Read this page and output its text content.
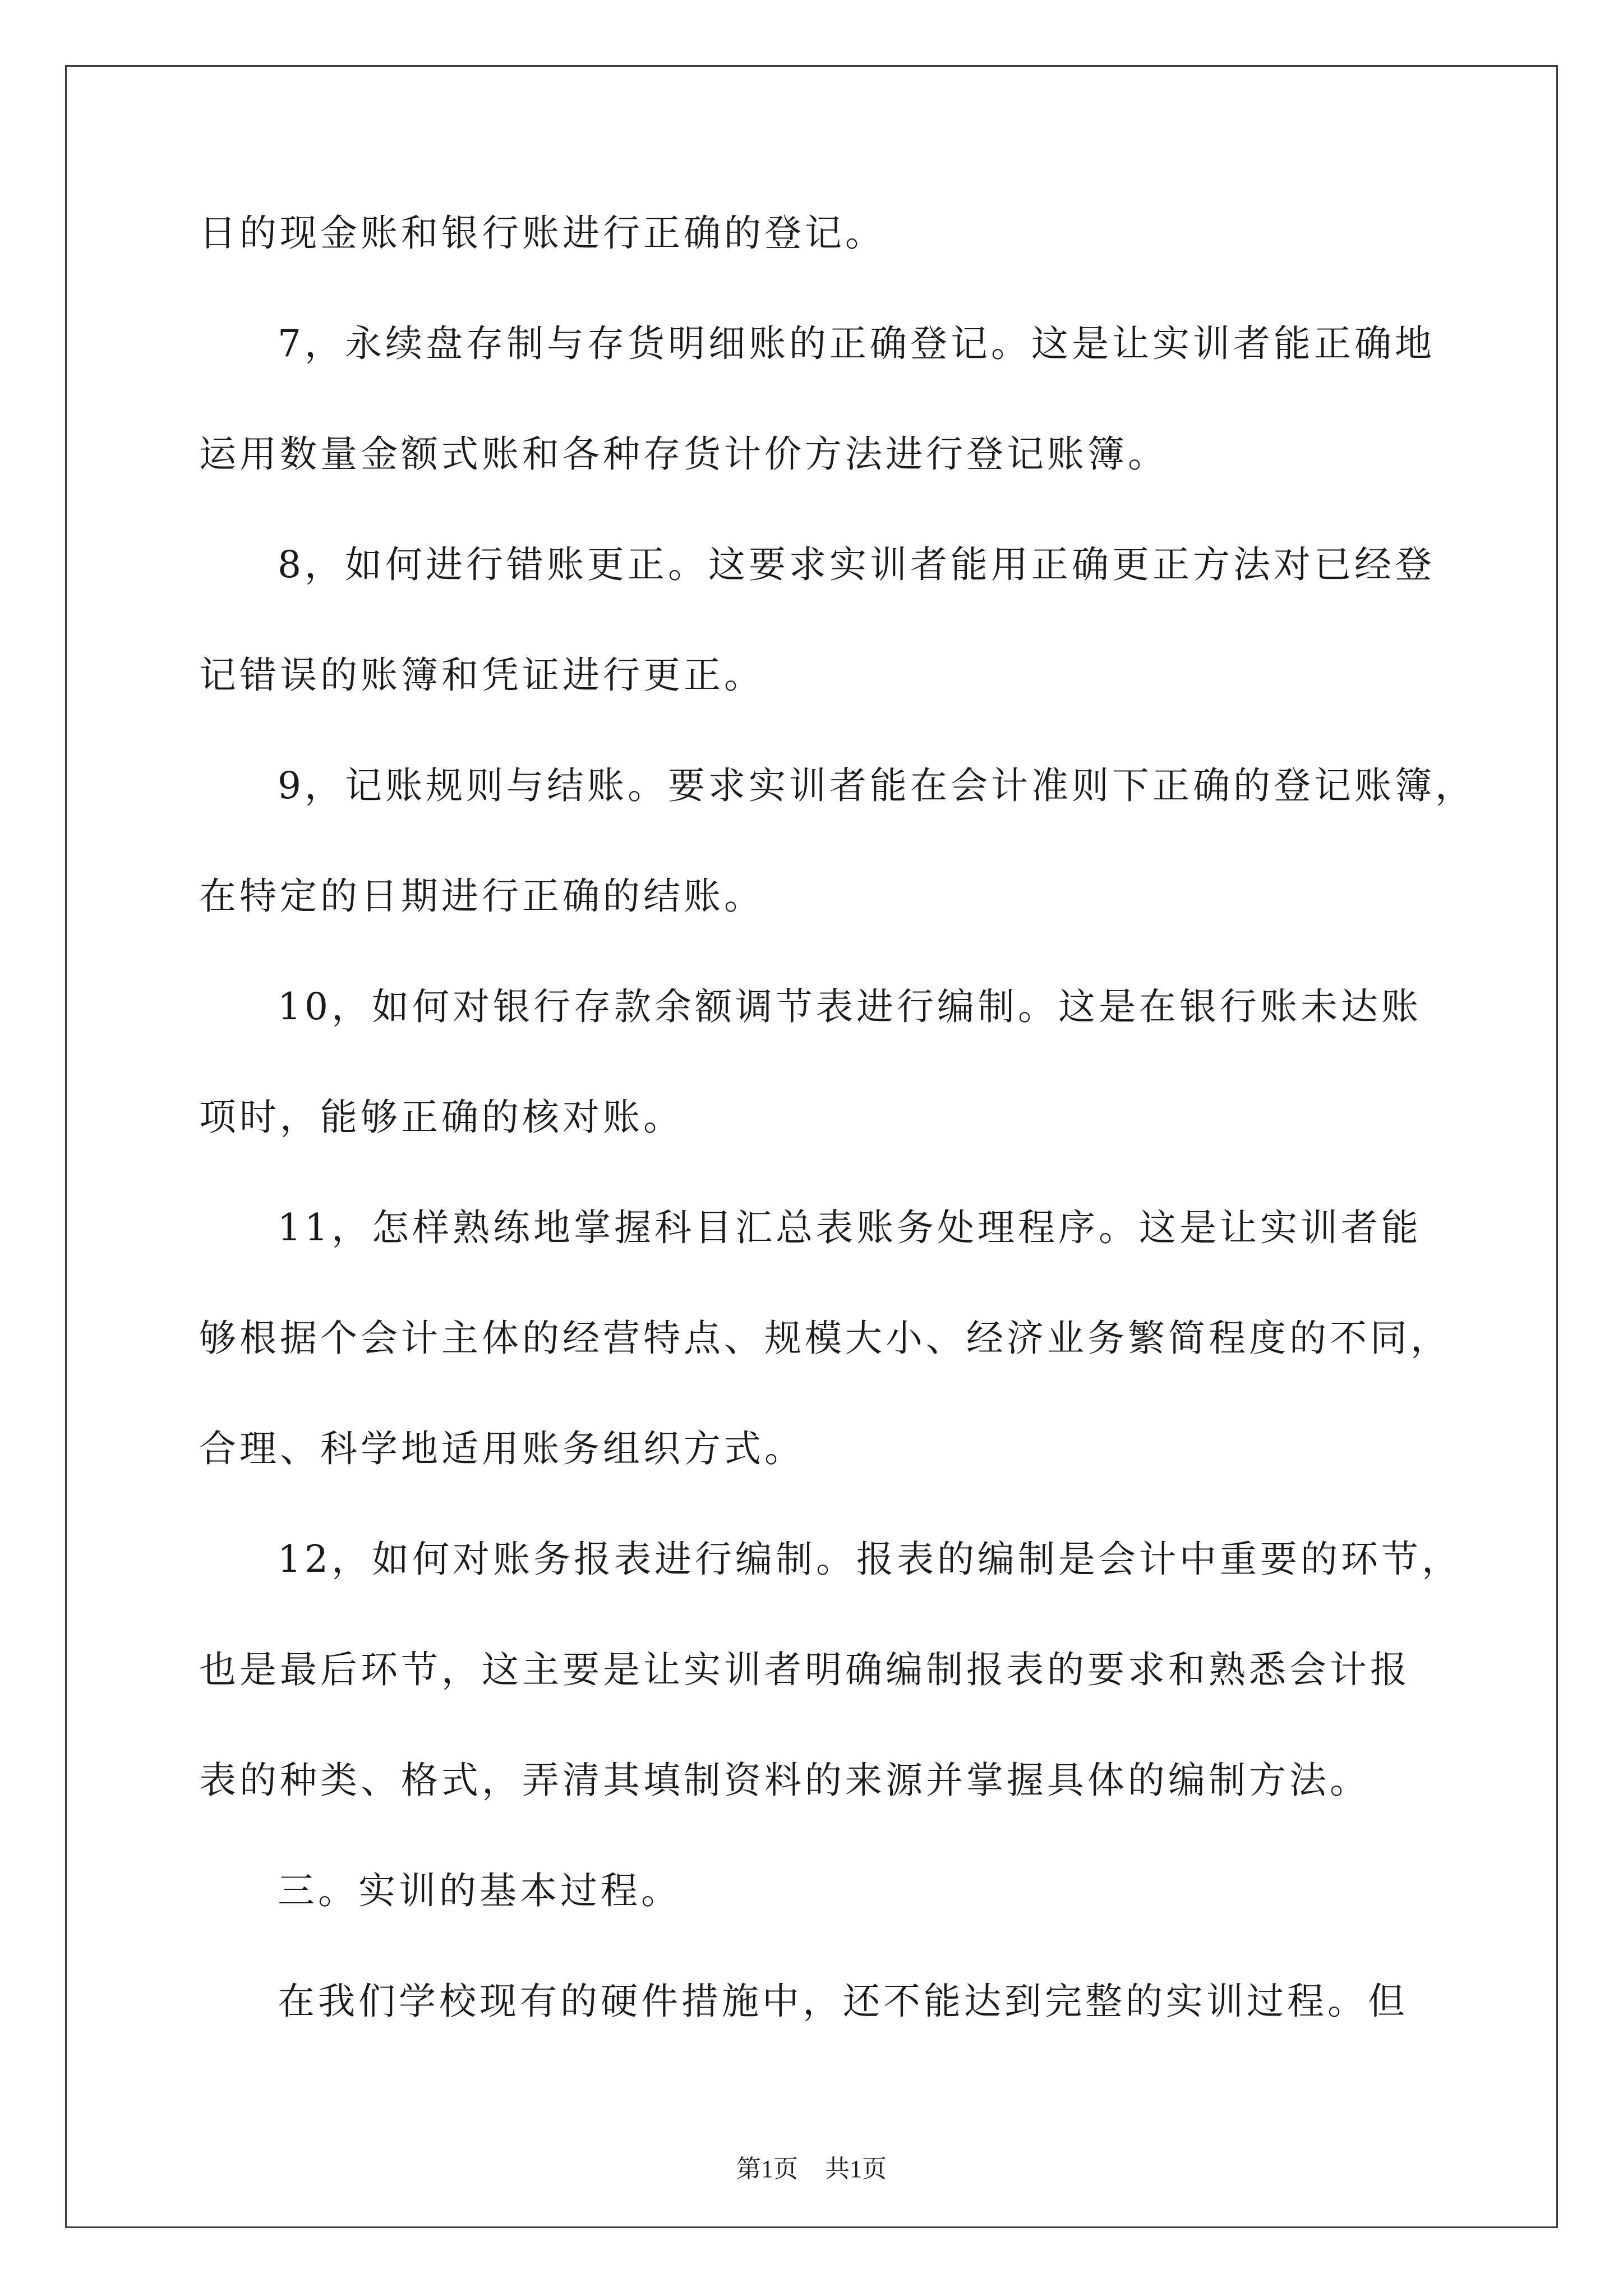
日的现金账和银行账进行正确的登记。
7，永续盘存制与存货明细账的正确登记。这是让实训者能正确地
运用数量金额式账和各种存货计价方法进行登记账簿。
8，如何进行错账更正。这要求实训者能用正确更正方法对已经登
记错误的账簿和凭证进行更正。
9，记账规则与结账。要求实训者能在会计准则下正确的登记账簿，
在特定的日期进行正确的结账。
10，如何对银行存款余额调节表进行编制。这是在银行账未达账
项时，能够正确的核对账。
11，怎样熟练地掌握科目汇总表账务处理程序。这是让实训者能
够根据个会计主体的经营特点、规模大小、经济业务繁简程度的不同，
合理、科学地适用账务组织方式。
12，如何对账务报表进行编制。报表的编制是会计中重要的环节，
也是最后环节，这主要是让实训者明确编制报表的要求和熟悉会计报
表的种类、格式，弄清其填制资料的来源并掌握具体的编制方法。
三。实训的基本过程。
在我们学校现有的硬件措施中，还不能达到完整的实训过程。但
第1页 共1页
